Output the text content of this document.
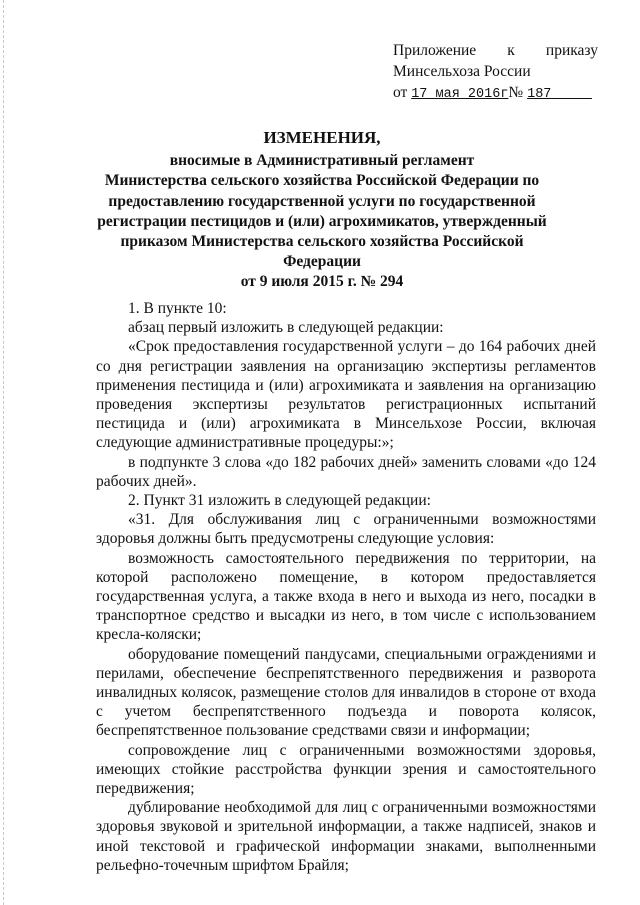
Приложение к приказу
Минсельхоза России
от 17 мая 2016г№ 187
ИЗМЕНЕНИЯ,
вносимые в Административный регламент
Министерства сельского хозяйства Российской Федерации по
предоставлению государственной услуги по государственной
регистрации пестицидов и (или) агрохимикатов, утвержденный
приказом Министерства сельского хозяйства Российской Федерации
от 9 июля 2015 г. № 294

1. В пункте 10:

абзац первый изложить в следующей редакции:

«Срок предоставления государственной услуги – до 164 рабочих дней со дня регистрации заявления на организацию экспертизы регламентов применения пестицида и (или) агрохимиката и заявления на организацию проведения экспертизы результатов регистрационных испытаний пестицида и (или) агрохимиката в Минсельхозе России, включая следующие административные процедуры:»;

в подпункте 3 слова «до 182 рабочих дней» заменить словами «до 124 рабочих дней».

2. Пункт 31 изложить в следующей редакции:

«31. Для обслуживания лиц с ограниченными возможностями здоровья должны быть предусмотрены следующие условия:

возможность самостоятельного передвижения по территории, на которой расположено помещение, в котором предоставляется государственная услуга, а также входа в него и выхода из него, посадки в транспортное средство и высадки из него, в том числе с использованием кресла-коляски;

оборудование помещений пандусами, специальными ограждениями и перилами, обеспечение беспрепятственного передвижения и разворота инвалидных колясок, размещение столов для инвалидов в стороне от входа с учетом беспрепятственного подъезда и поворота колясок, беспрепятственное пользование средствами связи и информации;

сопровождение лиц с ограниченными возможностями здоровья, имеющих стойкие расстройства функции зрения и самостоятельного передвижения;

дублирование необходимой для лиц с ограниченными возможностями здоровья звуковой и зрительной информации, а также надписей, знаков и иной текстовой и графической информации знаками, выполненными рельефно-точечным шрифтом Брайля;
